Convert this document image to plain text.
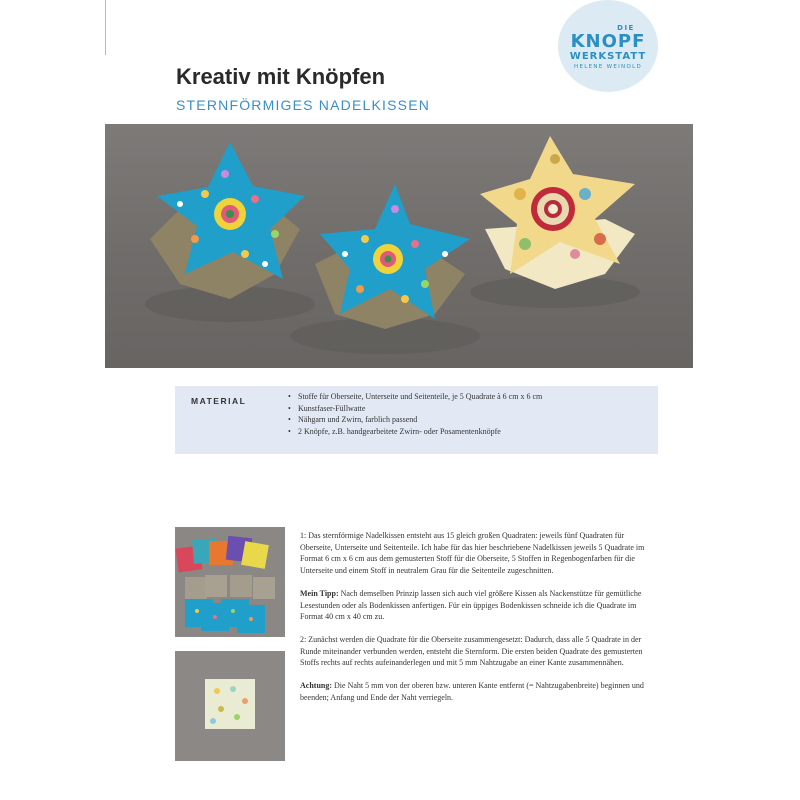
DIE
KNOPF
WERKSTATT
HELENE WEINOLD
Kreativ mit Knöpfen
STERNFÖRMIGES NADELKISSEN
MATERIAL
•	Stoffe für Oberseite, Unterseite und Seitenteile, je 5 Quadrate à 6 cm x 6 cm
• Kunstfaser-Füllwatte
• Nähgarn und Zwirn, farblich passend
• 2 Knöpfe, z.B. handgearbeitete Zwirn- oder Posamentenknöpfe

1: Das sternförmige Nadelkissen entsteht aus 15 gleich großen Quadraten: jeweils fünf Quadraten für Oberseite, Unterseite und Seitenteile. Ich habe für das hier beschriebene Nadelkissen jeweils 5 Quadrate im Format 6 cm x 6 cm aus dem gemusterten Stoff für die Oberseite, 5 Stoffen in Regenbogenfarben für die Unterseite und einem Stoff in neutralem Grau für die Seitenteile zugeschnitten.

Mein Tipp: Nach demselben Prinzip lassen sich auch viel größere Kissen als Nackenstütze für gemütliche Lesestunden oder als Bodenkissen anfertigen. Für ein üppiges Bodenkissen schneide ich die Quadrate im Format 40 cm x 40 cm zu.

2: Zunächst werden die Quadrate für die Oberseite zusammengesetzt: Dadurch, dass alle 5 Quadrate in der Runde miteinander verbunden werden, entsteht die Sternform. Die ersten beiden Quadrate des gemusterten Stoffs rechts auf rechts aufeinanderlegen und mit 5 mm Nahtzugabe an einer Kante zusammennähen.

Achtung: Die Naht 5 mm von der oberen bzw. unteren Kante entfernt (= Nahtzugabenbreite) beginnen und beenden; Anfang und Ende der Naht verriegeln.
